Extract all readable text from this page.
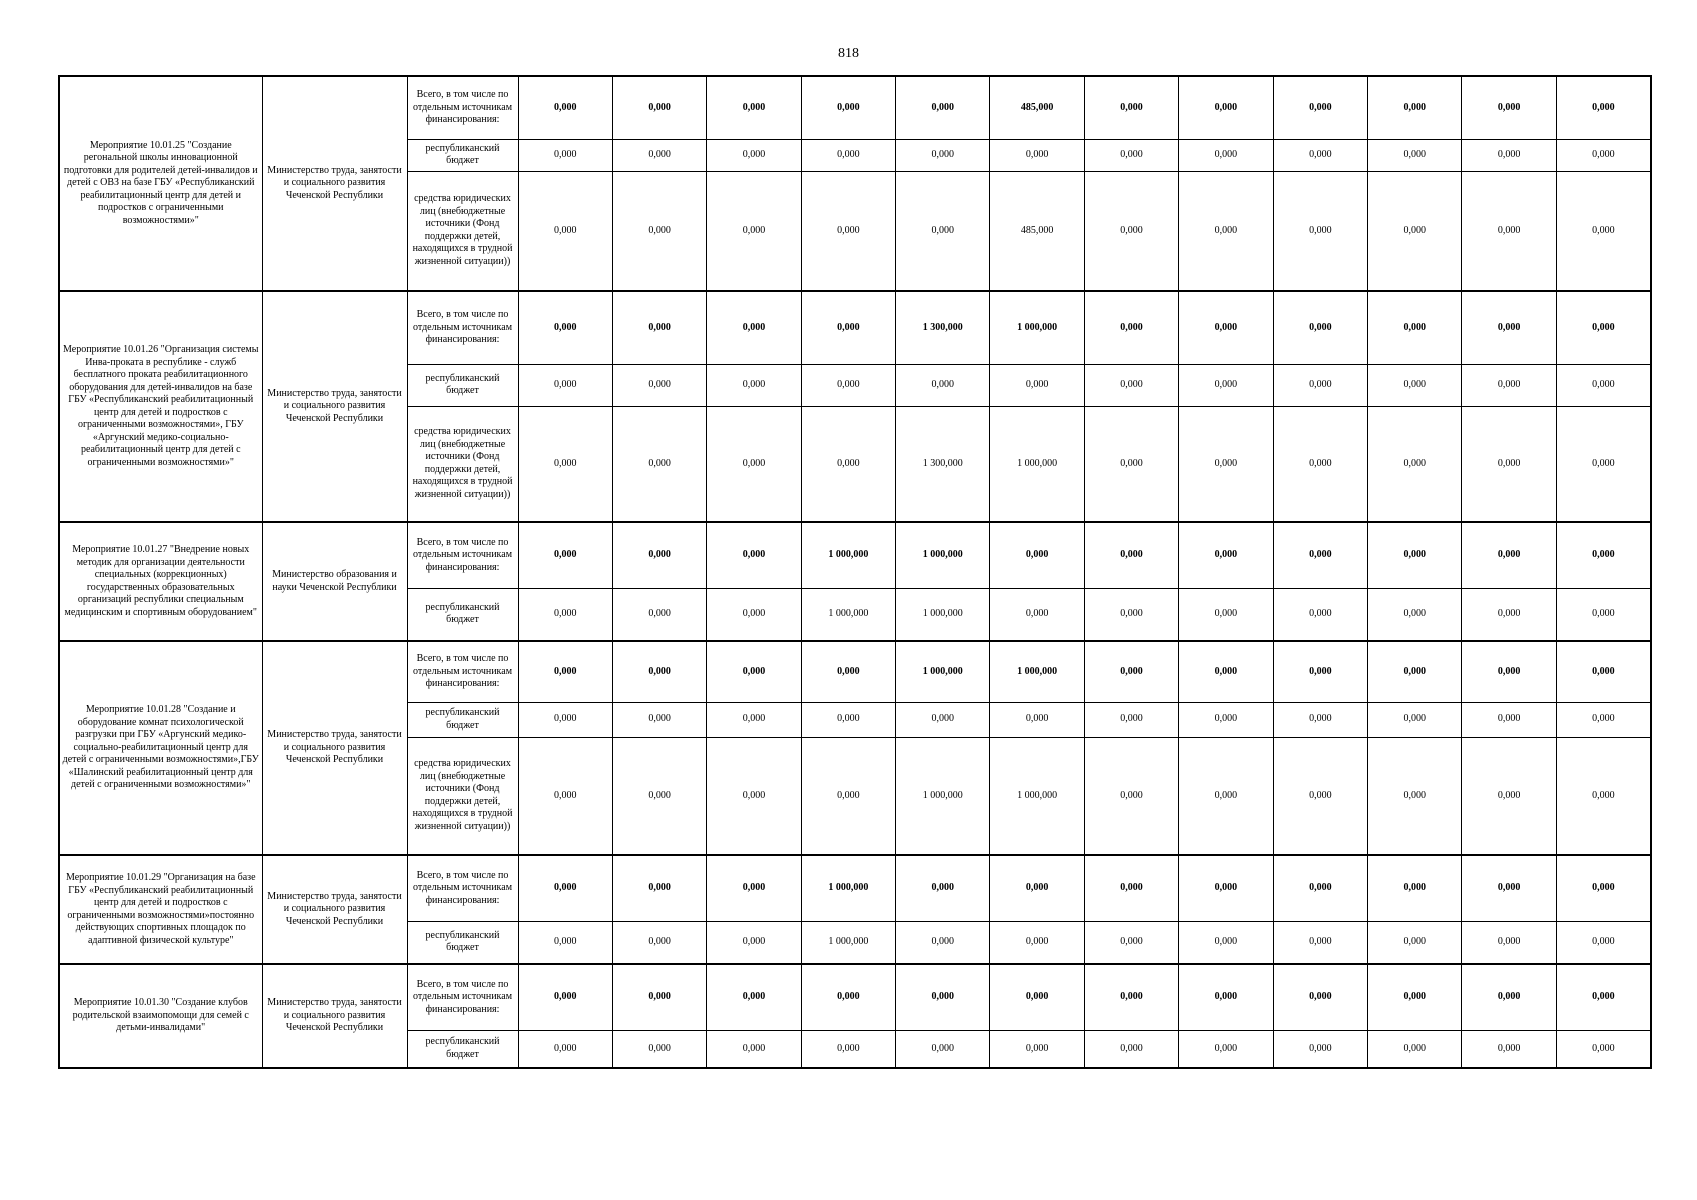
818
Мероприятие 10.01.25 "Создание регональной школы инновационной подготовки для родителей детей-инвалидов и детей с ОВЗ на базе ГБУ «Республиканский реабилитационный центр для детей и подростков с ограниченными возможностями»"	Министерство труда, занятости и социального развития Чеченской Республики	Всего, в том числе по отдельным источникам финансирования:	0,000	0,000	0,000	0,000	0,000	485,000	0,000	0,000	0,000	0,000	0,000	0,000
		республиканский бюджет	0,000	0,000	0,000	0,000	0,000	0,000	0,000	0,000	0,000	0,000	0,000	0,000
		средства юридических лиц (внебюджетные источники (Фонд поддержки детей, находящихся в трудной жизненной ситуации))	0,000	0,000	0,000	0,000	0,000	485,000	0,000	0,000	0,000	0,000	0,000	0,000
Мероприятие 10.01.26 "Организация системы Инва-проката в республике - служб бесплатного проката реабилитационного оборудования для детей-инвалидов на базе ГБУ «Республиканский реабилитационный центр для детей и подростков с ограниченными возможностями», ГБУ «Аргунский медико-социально-реабилитационный центр для детей с ограниченными возможностями»"	Министерство труда, занятости и социального развития Чеченской Республики	Всего, в том числе по отдельным источникам финансирования:	0,000	0,000	0,000	0,000	1 300,000	1 000,000	0,000	0,000	0,000	0,000	0,000	0,000
		республиканский бюджет	0,000	0,000	0,000	0,000	0,000	0,000	0,000	0,000	0,000	0,000	0,000	0,000
		средства юридических лиц (внебюджетные источники (Фонд поддержки детей, находящихся в трудной жизненной ситуации))	0,000	0,000	0,000	0,000	1 300,000	1 000,000	0,000	0,000	0,000	0,000	0,000	0,000
Мероприятие 10.01.27 "Внедрение новых методик для организации деятельности специальных (коррекционных) государственных образовательных организаций республики специальным медицинским и спортивным оборудованием"	Министерство образования и науки Чеченской Республики	Всего, в том числе по отдельным источникам финансирования:	0,000	0,000	0,000	1 000,000	1 000,000	0,000	0,000	0,000	0,000	0,000	0,000	0,000
		республиканский бюджет	0,000	0,000	0,000	1 000,000	1 000,000	0,000	0,000	0,000	0,000	0,000	0,000	0,000
Мероприятие 10.01.28 "Создание и оборудование комнат психологической разгрузки при ГБУ «Аргунский медико-социально-реабилитационный центр для детей с ограниченными возможностями»,ГБУ «Шалинский реабилитационный центр для детей с ограниченными возможностями»"	Министерство труда, занятости и социального развития Чеченской Республики	Всего, в том числе по отдельным источникам финансирования:	0,000	0,000	0,000	0,000	1 000,000	1 000,000	0,000	0,000	0,000	0,000	0,000	0,000
		республиканский бюджет	0,000	0,000	0,000	0,000	0,000	0,000	0,000	0,000	0,000	0,000	0,000	0,000
		средства юридических лиц (внебюджетные источники (Фонд поддержки детей, находящихся в трудной жизненной ситуации))	0,000	0,000	0,000	0,000	1 000,000	1 000,000	0,000	0,000	0,000	0,000	0,000	0,000
Мероприятие 10.01.29 "Организация на базе ГБУ «Республиканский реабилитационный центр для детей и подростков с ограниченными возможностями»постоянно действующих спортивных площадок по адаптивной физической культуре"	Министерство труда, занятости и социального развития Чеченской Республики	Всего, в том числе по отдельным источникам финансирования:	0,000	0,000	0,000	1 000,000	0,000	0,000	0,000	0,000	0,000	0,000	0,000	0,000
		республиканский бюджет	0,000	0,000	0,000	1 000,000	0,000	0,000	0,000	0,000	0,000	0,000	0,000	0,000
Мероприятие 10.01.30 "Создание клубов родительской взаимопомощи для семей с детьми-инвалидами"	Министерство труда, занятости и социального развития Чеченской Республики	Всего, в том числе по отдельным источникам финансирования:	0,000	0,000	0,000	0,000	0,000	0,000	0,000	0,000	0,000	0,000	0,000	0,000
		республиканский бюджет	0,000	0,000	0,000	0,000	0,000	0,000	0,000	0,000	0,000	0,000	0,000	0,000
